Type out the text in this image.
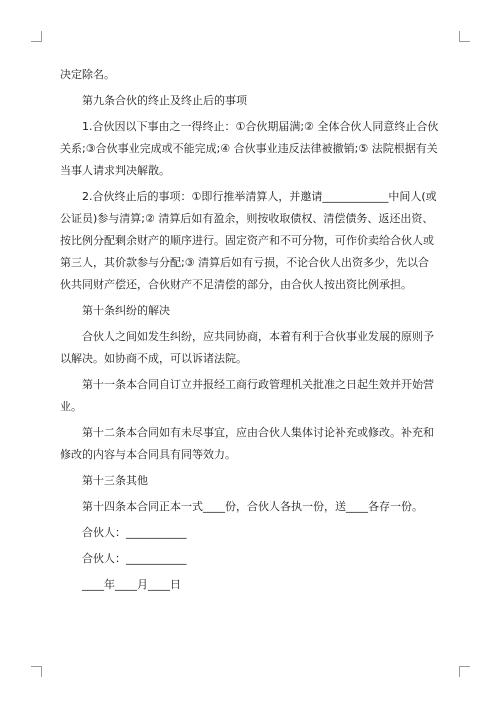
决定除名。

第九条合伙的终止及终止后的事项

1.合伙因以下事由之一得终止：①合伙期届满;② 全体合伙人同意终止合伙关系;③合伙事业完成或不能完成;④ 合伙事业违反法律被撤销;⑤ 法院根据有关当事人请求判决解散。

2.合伙终止后的事项：①即行推举清算人，并邀请____________中间人(或公证员)参与清算;② 清算后如有盈余，则按收取债权、清偿债务、返还出资、按比例分配剩余财产的顺序进行。固定资产和不可分物，可作价卖给合伙人或第三人，其价款参与分配;③ 清算后如有亏损，不论合伙人出资多少，先以合伙共同财产偿还，合伙财产不足清偿的部分，由合伙人按出资比例承担。

第十条纠纷的解决

合伙人之间如发生纠纷，应共同协商，本着有利于合伙事业发展的原则予以解决。如协商不成，可以诉诸法院。

第十一条本合同自订立并报经工商行政管理机关批准之日起生效并开始营业。

第十二条本合同如有未尽事宜，应由合伙人集体讨论补充或修改。补充和修改的内容与本合同具有同等效力。

第十三条其他

第十四条本合同正本一式____份，合伙人各执一份，送____各存一份。

合伙人：___________

合伙人：___________

____年____月____日
